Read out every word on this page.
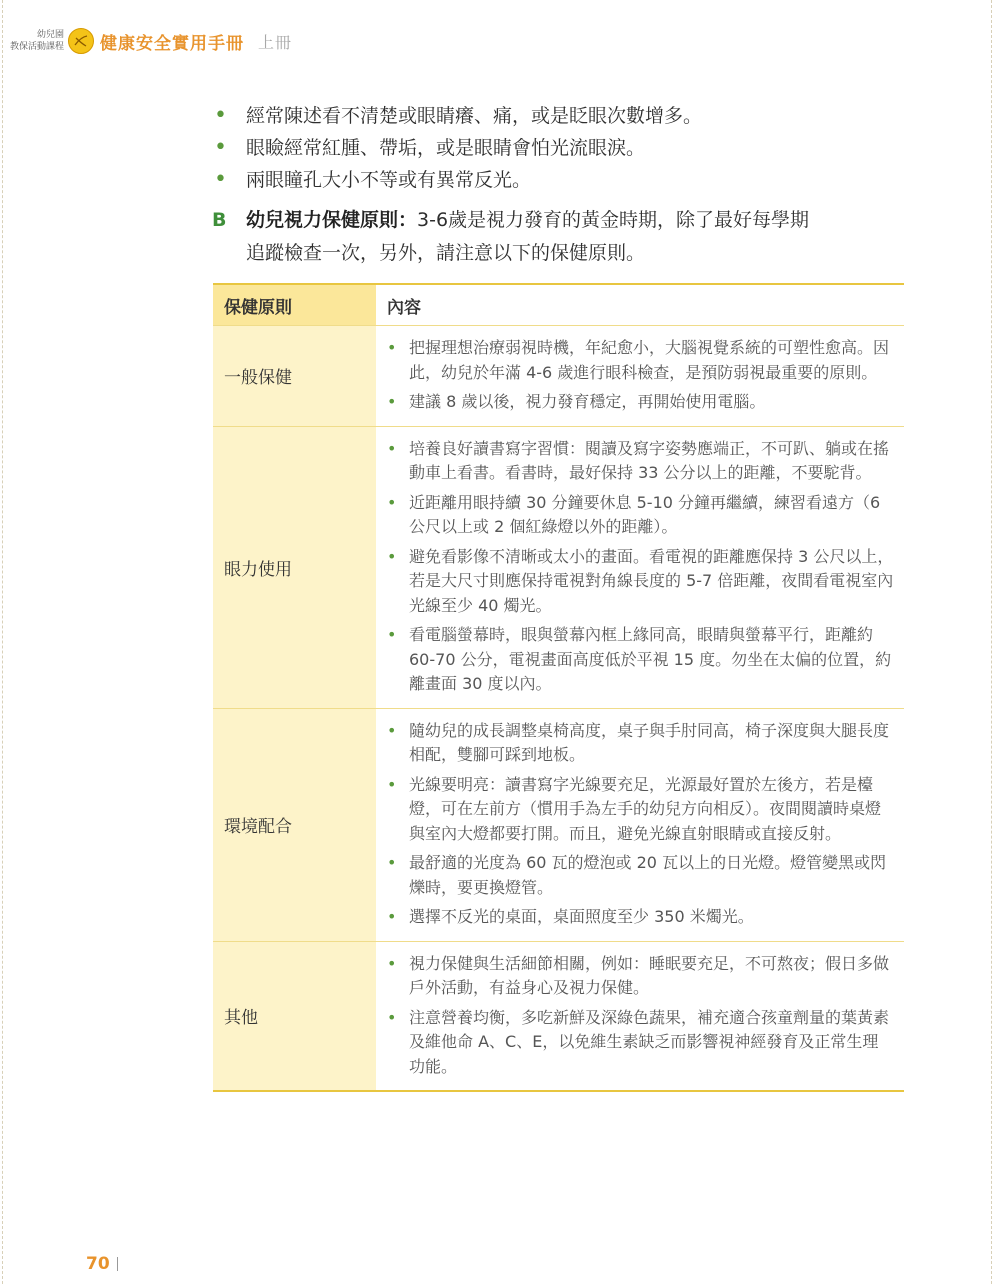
幼兒園
教保活動課程 健康安全實用手冊 上冊
•	經常陳述看不清楚或眼睛癢、痛，或是眨眼次數增多。
•	眼瞼經常紅腫、帶垢，或是眼睛會怕光流眼淚。
•	兩眼瞳孔大小不等或有異常反光。
B	幼兒視力保健原則：3-6歲是視力發育的黃金時期，除了最好每學期
追蹤檢查一次，另外，請注意以下的保健原則。
保健原則	內容
一般保健
• 把握理想治療弱視時機，年紀愈小，大腦視覺系統的可塑性愈高。因此，幼兒於年滿 4-6 歲進行眼科檢查，是預防弱視最重要的原則。
• 建議 8 歲以後，視力發育穩定，再開始使用電腦。
眼力使用
• 培養良好讀書寫字習慣：閱讀及寫字姿勢應端正，不可趴、躺或在搖動車上看書。看書時，最好保持 33 公分以上的距離，不要駝背。
• 近距離用眼持續 30 分鐘要休息 5-10 分鐘再繼續，練習看遠方（6 公尺以上或 2 個紅綠燈以外的距離）。
• 避免看影像不清晰或太小的畫面。看電視的距離應保持 3 公尺以上，若是大尺寸則應保持電視對角線長度的 5-7 倍距離，夜間看電視室內光線至少 40 燭光。
• 看電腦螢幕時，眼與螢幕內框上緣同高，眼睛與螢幕平行，距離約 60-70 公分，電視畫面高度低於平視 15 度。勿坐在太偏的位置，約離畫面 30 度以內。
環境配合
• 隨幼兒的成長調整桌椅高度，桌子與手肘同高，椅子深度與大腿長度相配，雙腳可踩到地板。
• 光線要明亮：讀書寫字光線要充足，光源最好置於左後方，若是檯燈，可在左前方（慣用手為左手的幼兒方向相反）。夜間閱讀時桌燈與室內大燈都要打開。而且，避免光線直射眼睛或直接反射。
• 最舒適的光度為 60 瓦的燈泡或 20 瓦以上的日光燈。燈管變黑或閃爍時，要更換燈管。
• 選擇不反光的桌面，桌面照度至少 350 米燭光。
其他
• 視力保健與生活細節相關，例如：睡眠要充足，不可熬夜；假日多做戶外活動，有益身心及視力保健。
• 注意營養均衡，多吃新鮮及深綠色蔬果，補充適合孩童劑量的葉黃素及維他命 A、C、E，以免維生素缺乏而影響視神經發育及正常生理功能。
70
